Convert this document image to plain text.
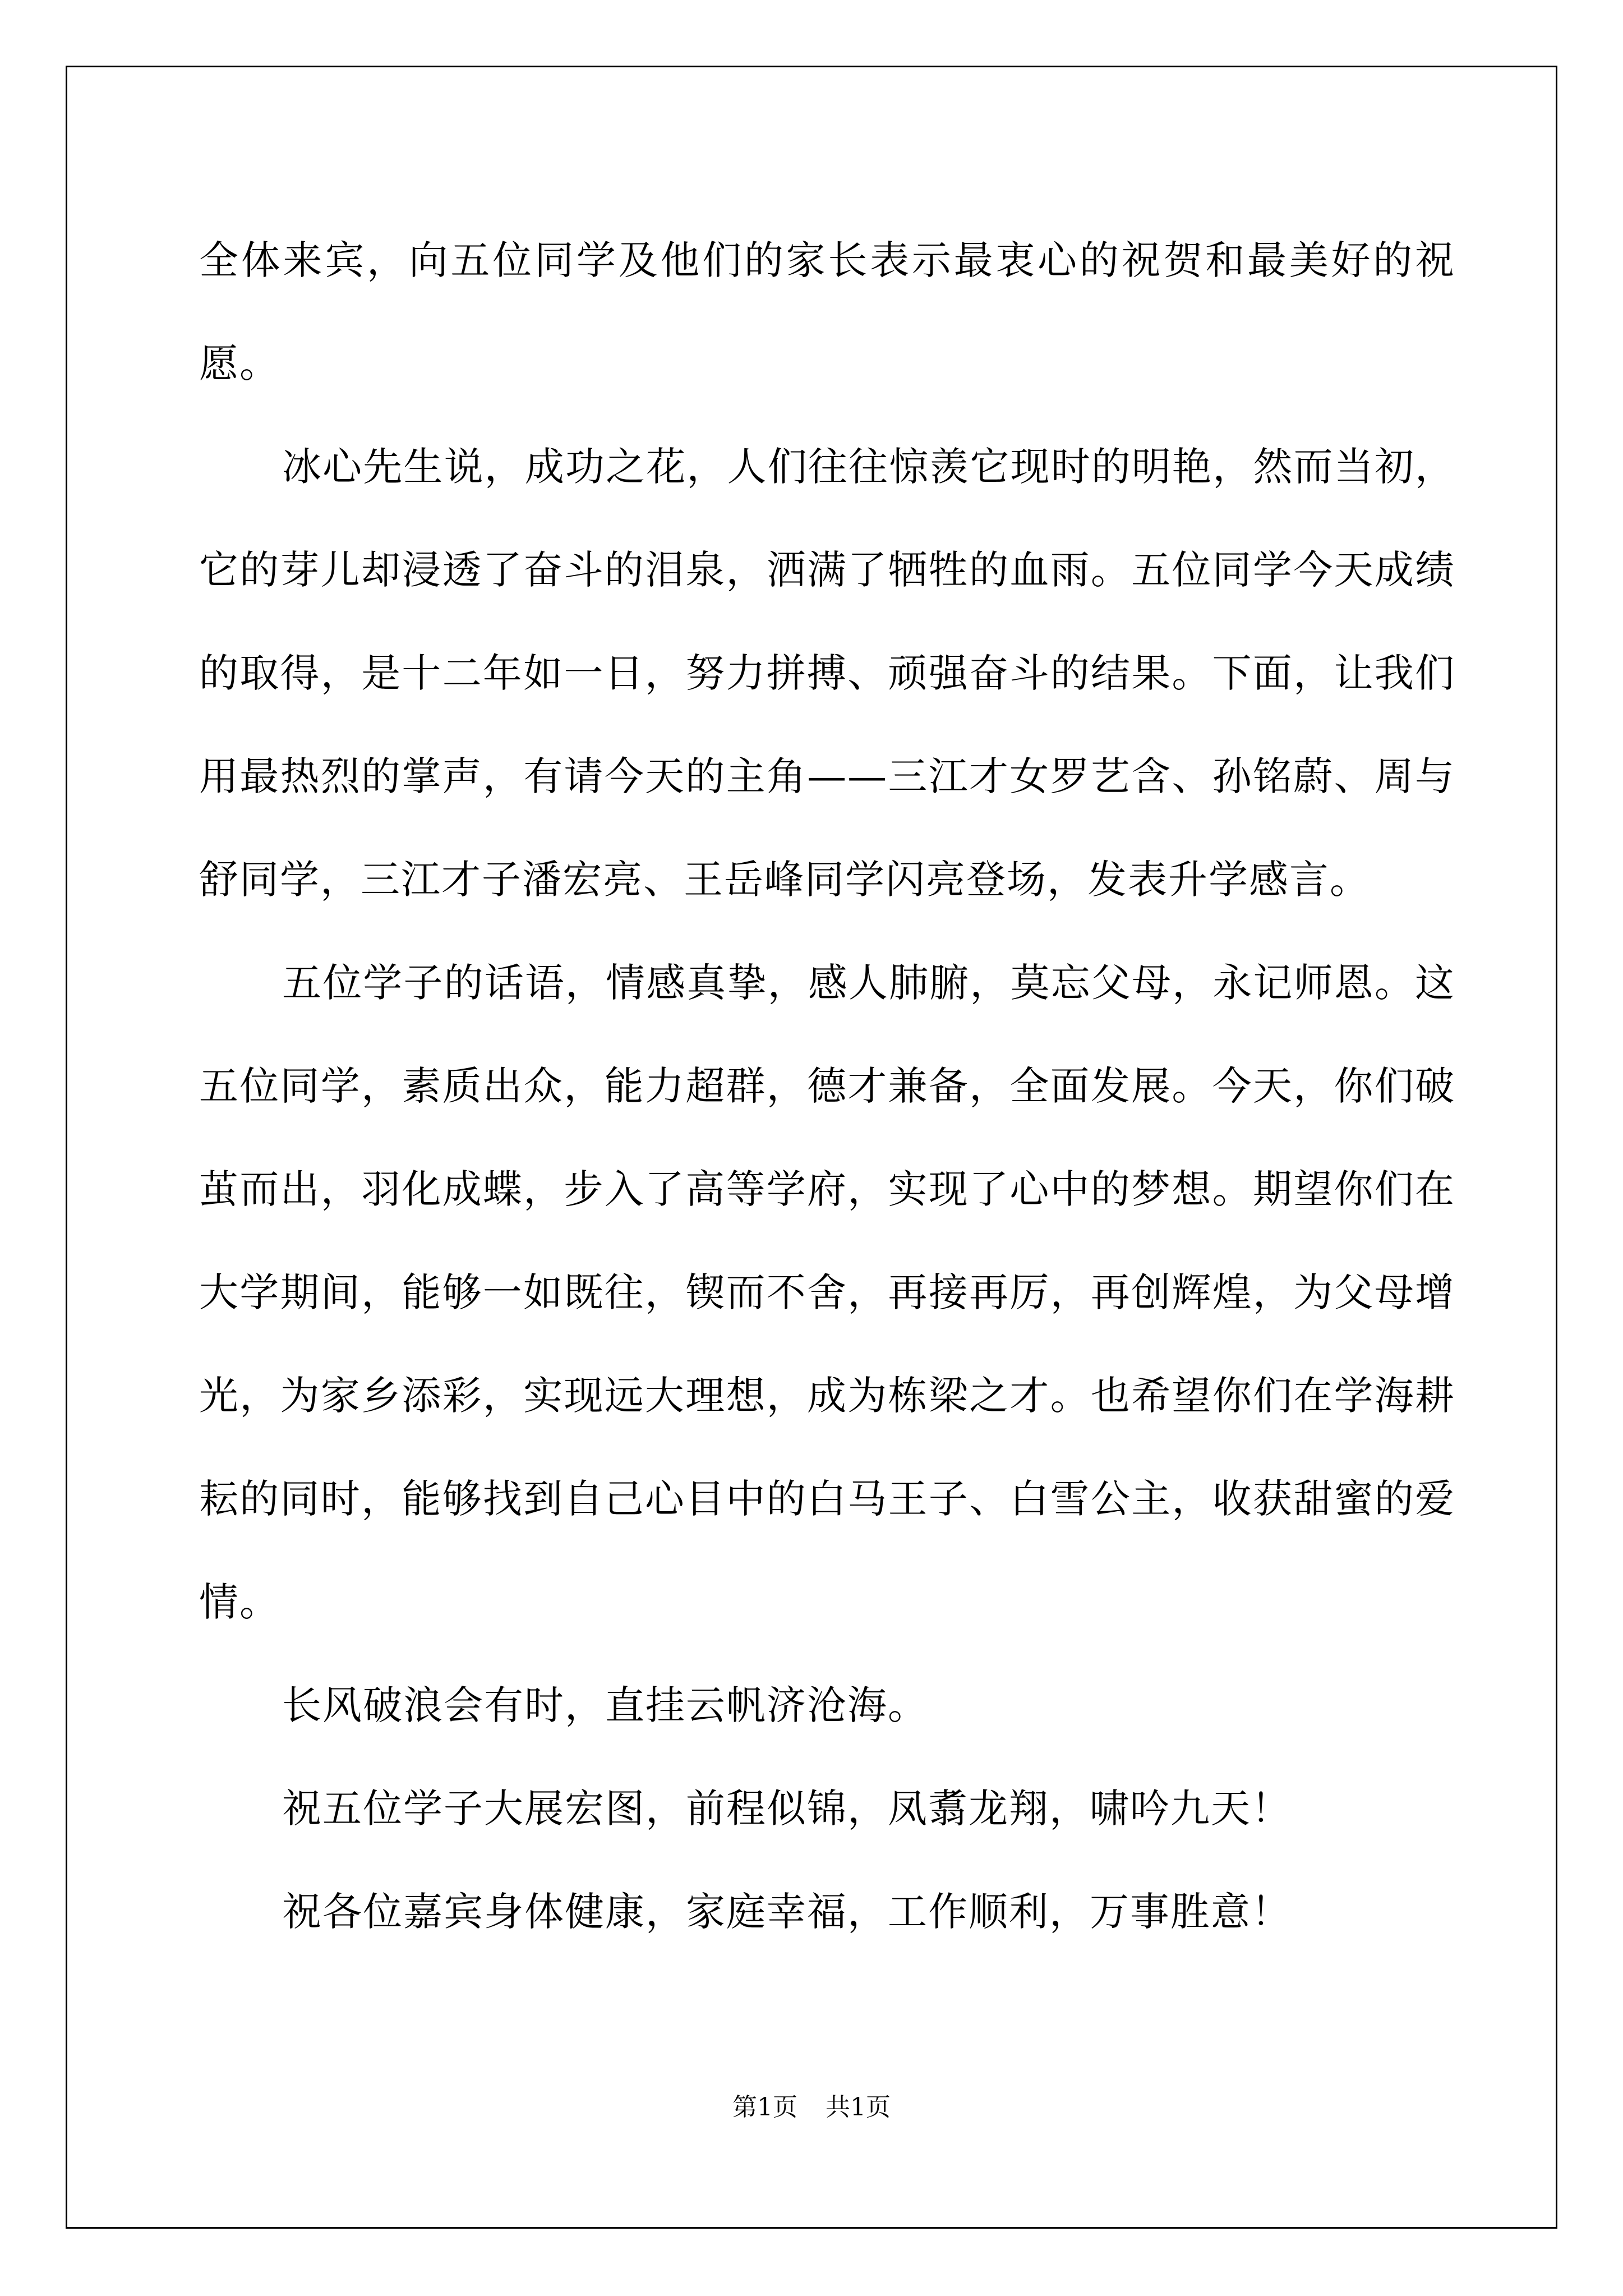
全体来宾，向五位同学及他们的家长表示最衷心的祝贺和最美好的祝愿。

冰心先生说，成功之花，人们往往惊羡它现时的明艳，然而当初，它的芽儿却浸透了奋斗的泪泉，洒满了牺牲的血雨。五位同学今天成绩的取得，是十二年如一日，努力拼搏、顽强奋斗的结果。下面，让我们用最热烈的掌声，有请今天的主角——三江才女罗艺含、孙铭蔚、周与舒同学，三江才子潘宏亮、王岳峰同学闪亮登场，发表升学感言。

五位学子的话语，情感真挚，感人肺腑，莫忘父母，永记师恩。这五位同学，素质出众，能力超群，德才兼备，全面发展。今天，你们破茧而出，羽化成蝶，步入了高等学府，实现了心中的梦想。期望你们在大学期间，能够一如既往，锲而不舍，再接再厉，再创辉煌，为父母增光，为家乡添彩，实现远大理想，成为栋梁之才。也希望你们在学海耕耘的同时，能够找到自己心目中的白马王子、白雪公主，收获甜蜜的爱情。

长风破浪会有时，直挂云帆济沧海。

祝五位学子大展宏图，前程似锦，凤翥龙翔，啸吟九天！

祝各位嘉宾身体健康，家庭幸福，工作顺利，万事胜意！

第1页 共1页
